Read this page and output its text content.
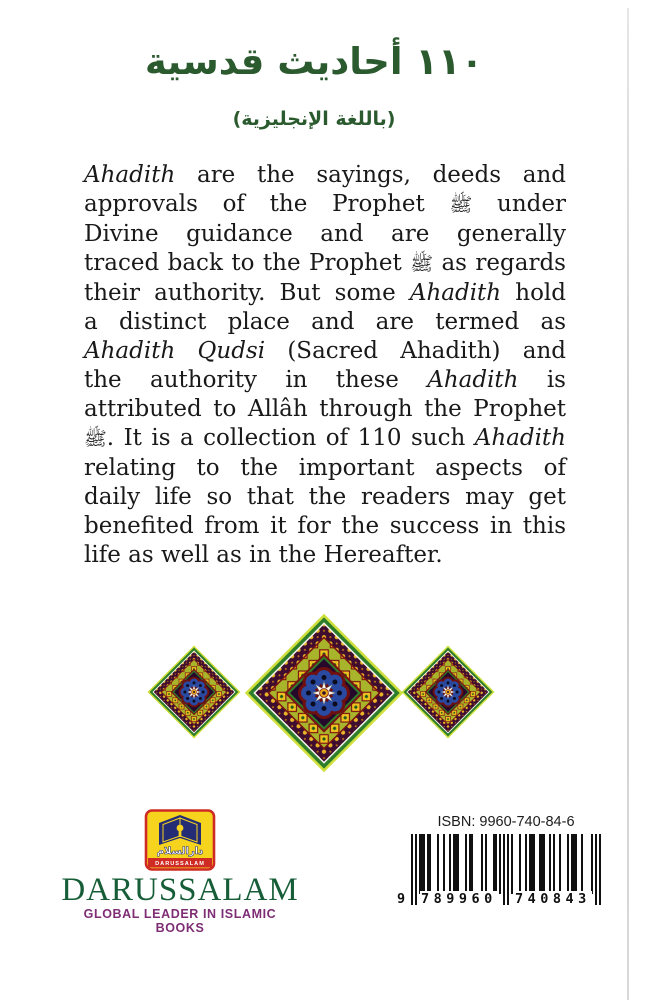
١١٠ أحاديث قدسية
(باللغة الإنجليزية)
Ahadith are the sayings, deeds and
approvals of the Prophet ﷺ under
Divine guidance and are generally
traced back to the Prophet ﷺ as regards
their authority. But some Ahadith hold
a distinct place and are termed as
Ahadith Qudsi (Sacred Ahadith) and
the authority in these Ahadith is
attributed to Allâh through the Prophet
ﷺ. It is a collection of 110 such Ahadith
relating to the important aspects of
daily life so that the readers may get
benefited from it for the success in this
life as well as in the Hereafter.
دارالسلام
DARUSSALAM
DARUSSALAM
GLOBAL LEADER IN ISLAMIC BOOKS
ISBN: 9960-740-84-6
9 789960 740843
